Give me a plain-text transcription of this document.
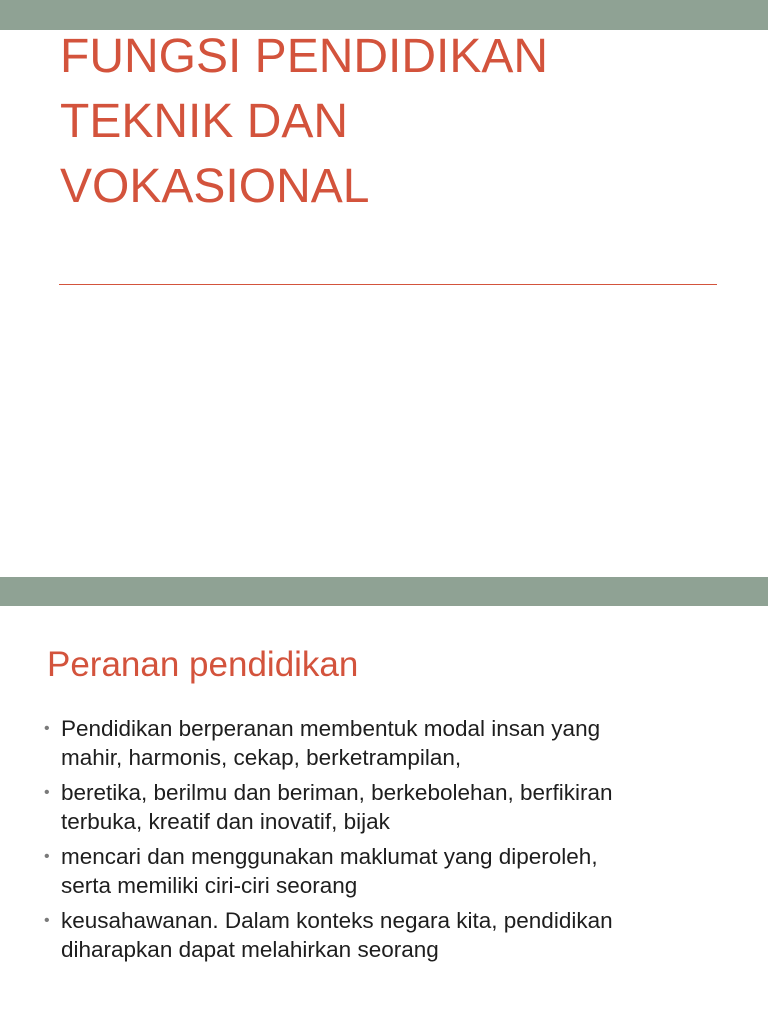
FUNGSI PENDIDIKAN
TEKNIK DAN
VOKASIONAL
Peranan pendidikan
• Pendidikan berperanan membentuk modal insan yang
mahir, harmonis, cekap, berketrampilan,
• beretika, berilmu dan beriman, berkebolehan, berfikiran
terbuka, kreatif dan inovatif, bijak
• mencari dan menggunakan maklumat yang diperoleh,
serta memiliki ciri-ciri seorang
• keusahawanan. Dalam konteks negara kita, pendidikan
diharapkan dapat melahirkan seorang
